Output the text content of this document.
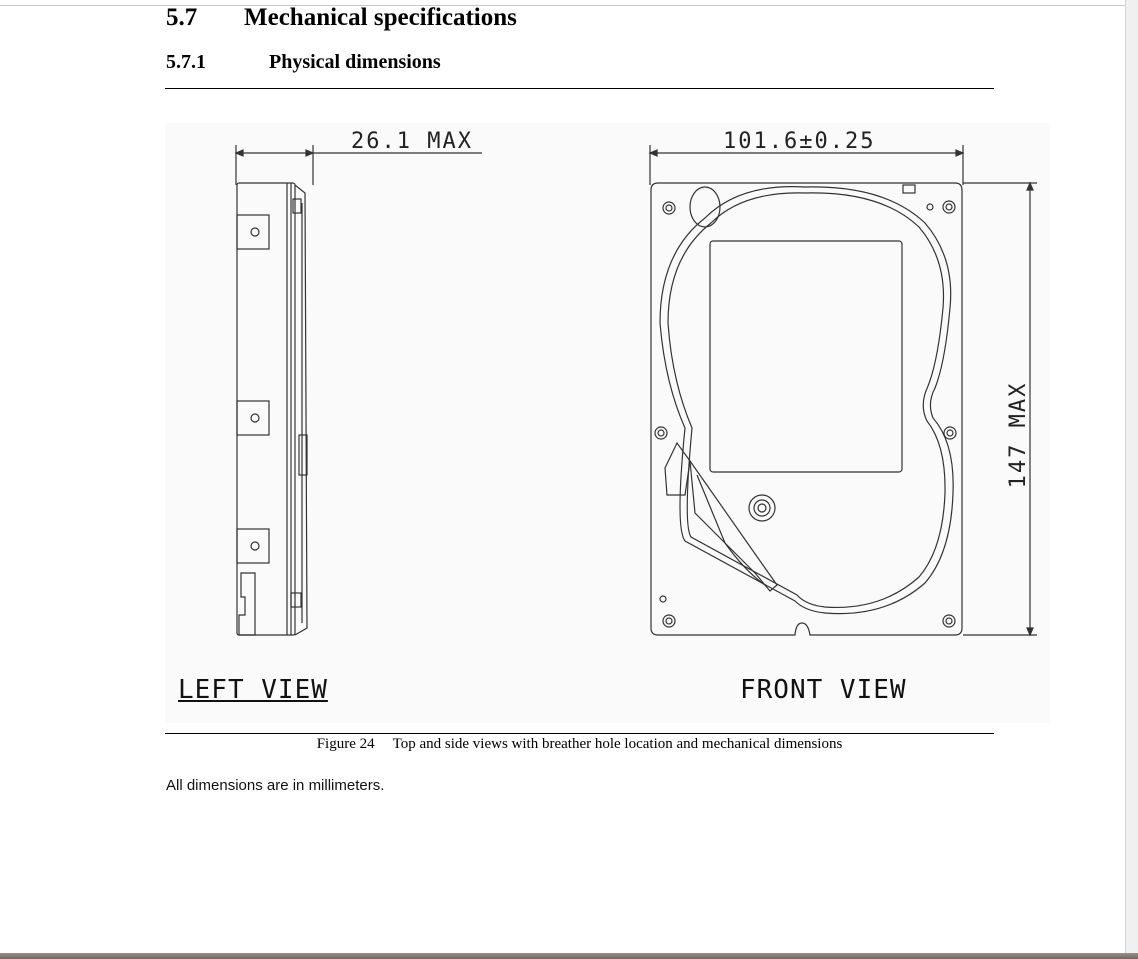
5.7 Mechanical specifications
5.7.1	Physical dimensions
26.1 MAX	101.6±0.25
147 MAX
LEFT VIEW	FRONT VIEW
Figure 24 Top and side views with breather hole location and mechanical dimensions
All dimensions are in millimeters.
